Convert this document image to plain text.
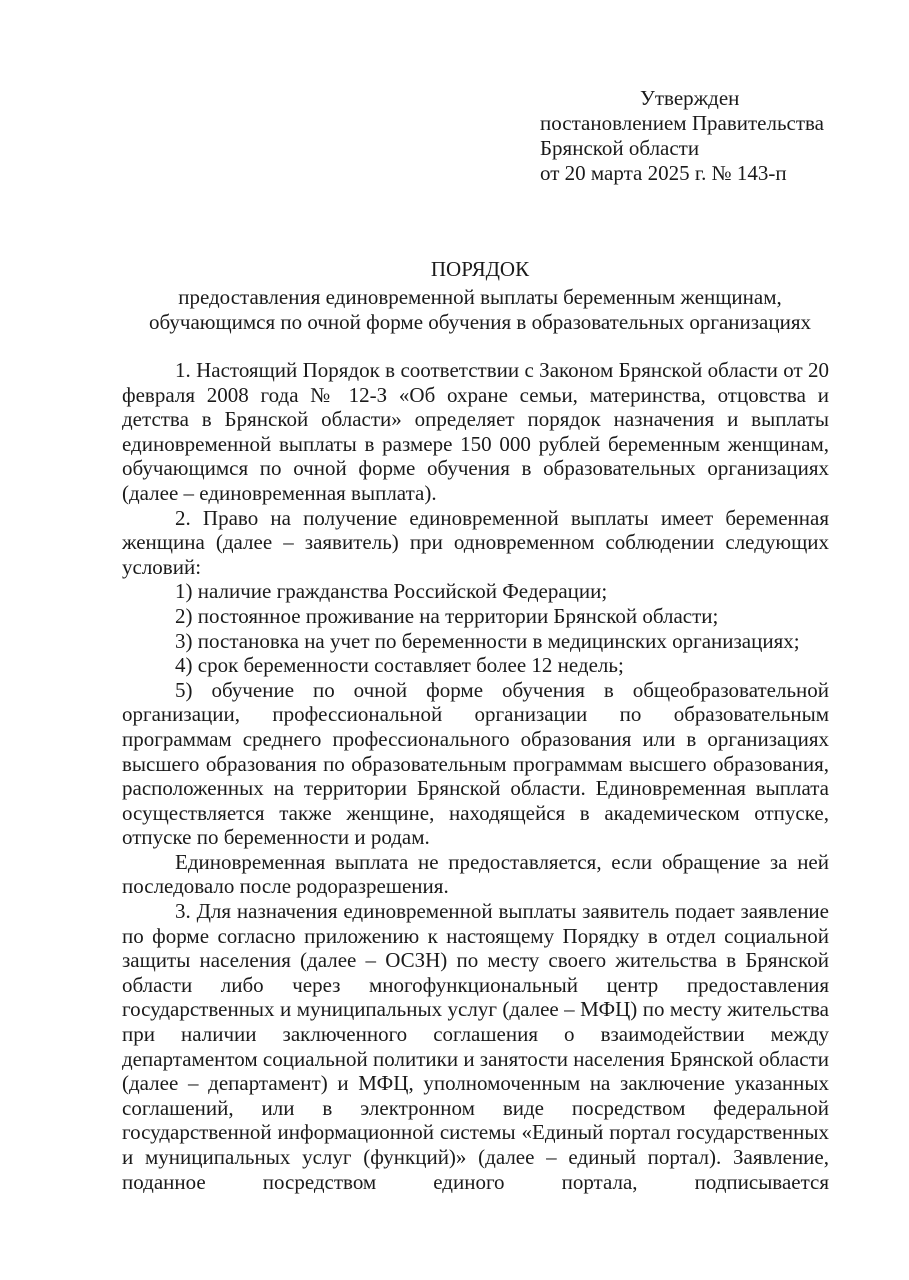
Утвержден
постановлением Правительства
Брянской области
от 20 марта 2025 г. № 143-п
ПОРЯДОК
предоставления единовременной выплаты беременным женщинам,
обучающимся по очной форме обучения в образовательных организациях

1. Настоящий Порядок в соответствии с Законом Брянской области от 20 февраля 2008 года № 12-З «Об охране семьи, материнства, отцовства и детства в Брянской области» определяет порядок назначения и выплаты единовременной выплаты в размере 150 000 рублей беременным женщинам, обучающимся по очной форме обучения в образовательных организациях (далее – единовременная выплата).

2. Право на получение единовременной выплаты имеет беременная женщина (далее – заявитель) при одновременном соблюдении следующих условий:

1) наличие гражданства Российской Федерации;

2) постоянное проживание на территории Брянской области;

3) постановка на учет по беременности в медицинских организациях;

4) срок беременности составляет более 12 недель;

5) обучение по очной форме обучения в общеобразовательной организации, профессиональной организации по образовательным программам среднего профессионального образования или в организациях высшего образования по образовательным программам высшего образования, расположенных на территории Брянской области. Единовременная выплата осуществляется также женщине, находящейся в академическом отпуске, отпуске по беременности и родам.

Единовременная выплата не предоставляется, если обращение за ней последовало после родоразрешения.

3. Для назначения единовременной выплаты заявитель подает заявление по форме согласно приложению к настоящему Порядку в отдел социальной защиты населения (далее – ОСЗН) по месту своего жительства в Брянской области либо через многофункциональный центр предоставления государственных и муниципальных услуг (далее – МФЦ) по месту жительства при наличии заключенного соглашения о взаимодействии между департаментом социальной политики и занятости населения Брянской области (далее – департамент) и МФЦ, уполномоченным на заключение указанных соглашений, или в электронном виде посредством федеральной государственной информационной системы «Единый портал государственных и муниципальных услуг (функций)» (далее – единый портал). Заявление, поданное посредством единого портала, подписывается
